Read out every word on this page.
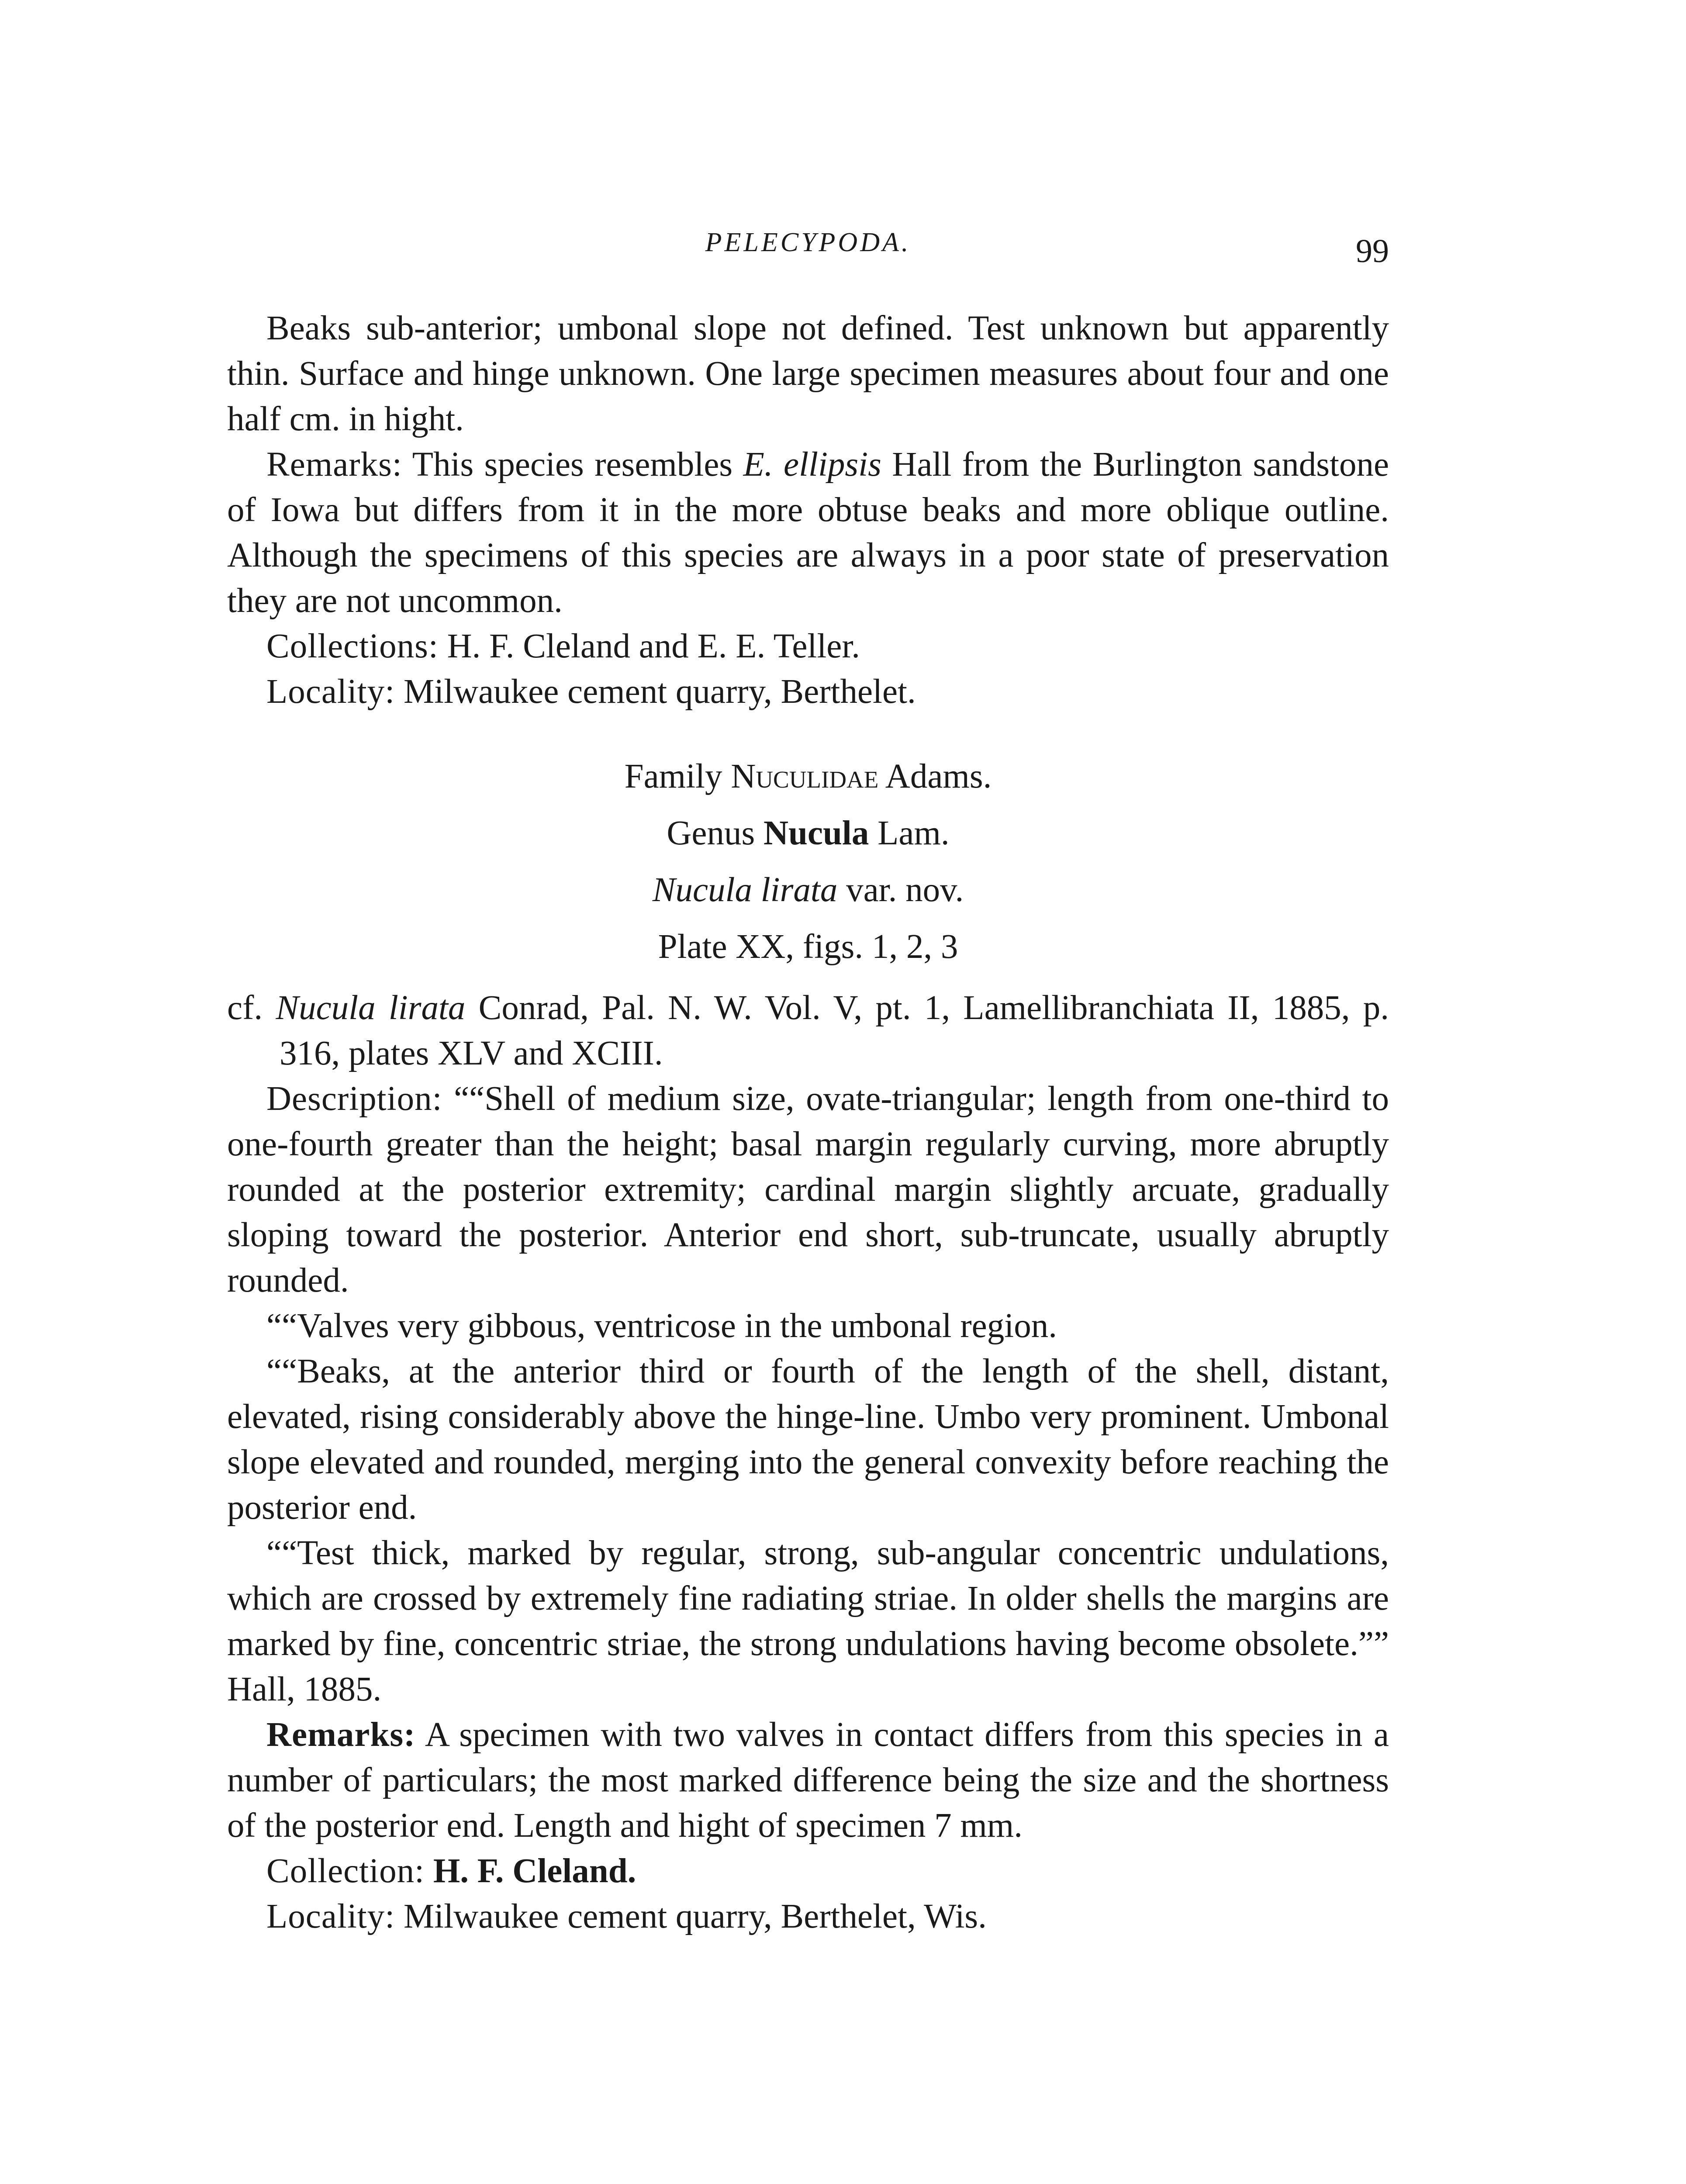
PELECYPODA.	99

Beaks sub-anterior; umbonal slope not defined. Test unknown but apparently thin. Surface and hinge unknown. One large specimen measures about four and one half cm. in hight.

Remarks: This species resembles E. ellipsis Hall from the Burlington sandstone of Iowa but differs from it in the more obtuse beaks and more oblique outline. Although the specimens of this species are always in a poor state of preservation they are not uncommon.

Collections: H. F. Cleland and E. E. Teller.

Locality: Milwaukee cement quarry, Berthelet.

Family Nuculidae Adams.
Genus Nucula Lam.
Nucula lirata var. nov.
Plate XX, figs. 1, 2, 3
cf. Nucula lirata Conrad, Pal. N. W. Vol. V, pt. 1, Lamellibranchiata II, 1885, p. 316, plates XLV and XCIII.

Description: ““Shell of medium size, ovate-triangular; length from one-third to one-fourth greater than the height; basal margin regularly curving, more abruptly rounded at the posterior extremity; cardinal margin slightly arcuate, gradually sloping toward the posterior. Anterior end short, sub-truncate, usually abruptly rounded.

““Valves very gibbous, ventricose in the umbonal region.

““Beaks, at the anterior third or fourth of the length of the shell, distant, elevated, rising considerably above the hinge-line. Umbo very prominent. Umbonal slope elevated and rounded, merging into the general convexity before reaching the posterior end.

““Test thick, marked by regular, strong, sub-angular concentric undulations, which are crossed by extremely fine radiating striae. In older shells the margins are marked by fine, concentric striae, the strong undulations having become obsolete.”” Hall, 1885.

Remarks: A specimen with two valves in contact differs from this species in a number of particulars; the most marked difference being the size and the shortness of the posterior end. Length and hight of specimen 7 mm.

Collection: H. F. Cleland.

Locality: Milwaukee cement quarry, Berthelet, Wis.
